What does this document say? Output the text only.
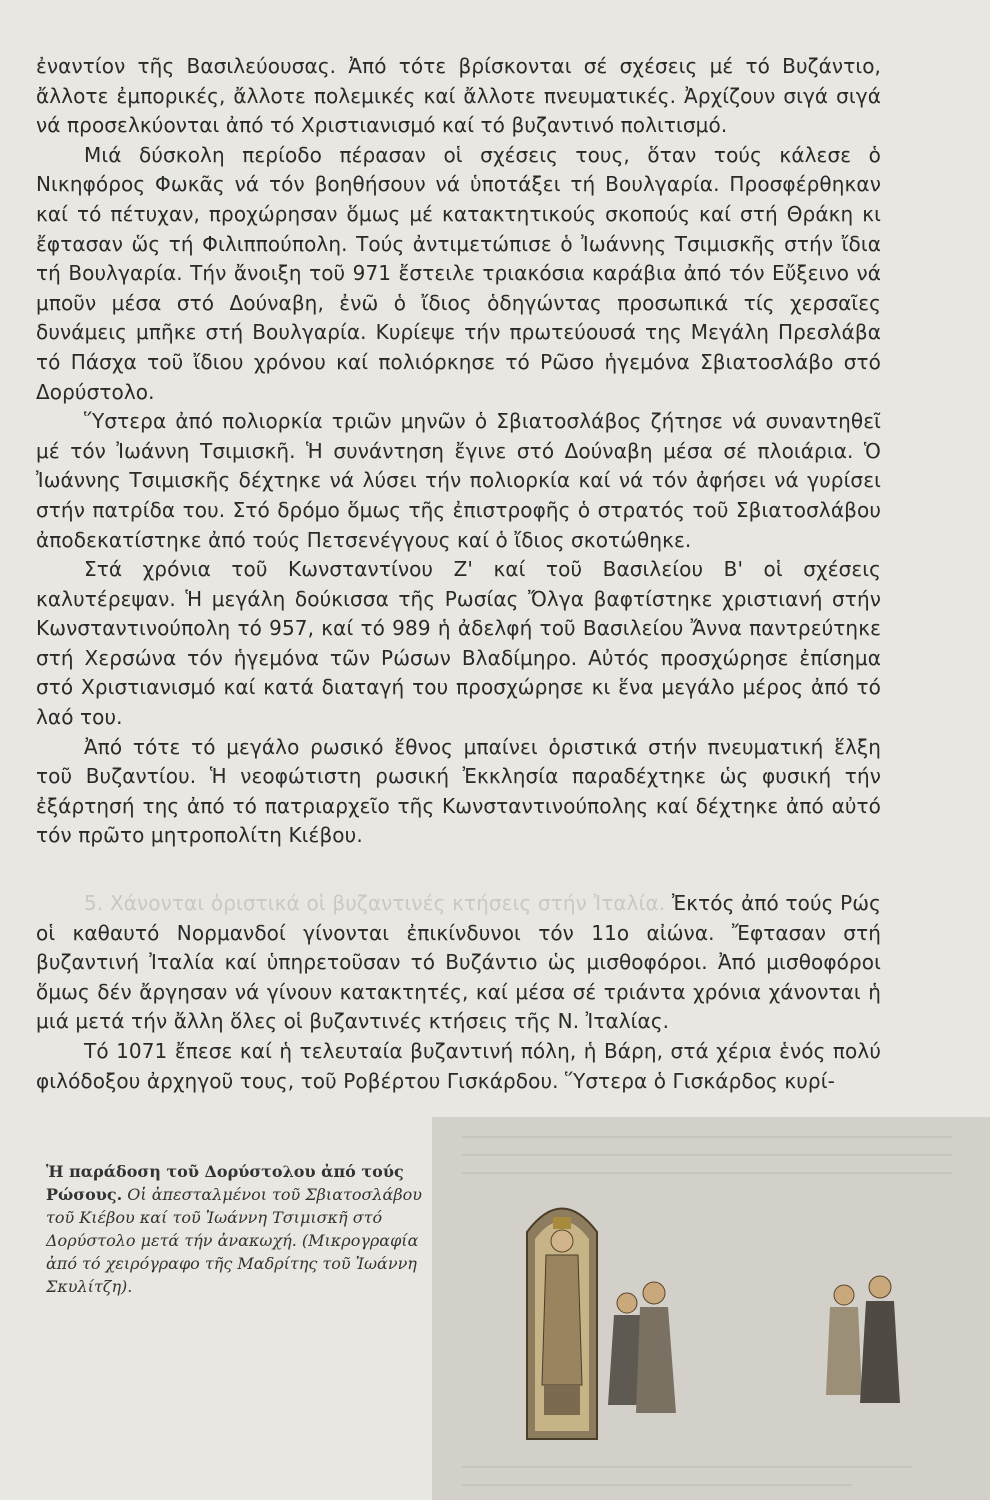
ἐναντίον τῆς Βασιλεύουσας. Ἀπό τότε βρίσκονται σέ σχέσεις μέ τό Βυζάντιο, ἄλλοτε ἐμπορικές, ἄλλοτε πολεμικές καί ἄλλοτε πνευματικές. Ἀρχίζουν σιγά σιγά νά προσελκύονται ἀπό τό Χριστιανισμό καί τό βυζαντινό πολιτισμό.

Μιά δύσκολη περίοδο πέρασαν οἱ σχέσεις τους, ὅταν τούς κάλεσε ὁ Νικηφόρος Φωκᾶς νά τόν βοηθήσουν νά ὑποτάξει τή Βουλγαρία. Προσφέρθηκαν καί τό πέτυχαν, προχώρησαν ὅμως μέ κατακτητικούς σκοπούς καί στή Θράκη κι ἔφτασαν ὥς τή Φιλιππούπολη. Τούς ἀντιμετώπισε ὁ Ἰωάννης Τσιμισκῆς στήν ἴδια τή Βουλγαρία. Τήν ἄνοιξη τοῦ 971 ἔστειλε τριακόσια καράβια ἀπό τόν Εὔξεινο νά μποῦν μέσα στό Δούναβη, ἐνῶ ὁ ἴδιος ὁδηγώντας προσωπικά τίς χερσαῖες δυνάμεις μπῆκε στή Βουλγαρία. Κυρίεψε τήν πρωτεύουσά της Μεγάλη Πρεσλάβα τό Πάσχα τοῦ ἴδιου χρόνου καί πολιόρκησε τό Ρῶσο ἡγεμόνα Σβιατοσλάβο στό Δορύστολο.

Ὕστερα ἀπό πολιορκία τριῶν μηνῶν ὁ Σβιατοσλάβος ζήτησε νά συναντηθεῖ μέ τόν Ἰωάννη Τσιμισκῆ. Ἡ συνάντηση ἔγινε στό Δούναβη μέσα σέ πλοιάρια. Ὁ Ἰωάννης Τσιμισκῆς δέχτηκε νά λύσει τήν πολιορκία καί νά τόν ἀφήσει νά γυρίσει στήν πατρίδα του. Στό δρόμο ὅμως τῆς ἐπιστροφῆς ὁ στρατός τοῦ Σβιατοσλάβου ἀποδεκατίστηκε ἀπό τούς Πετσενέγγους καί ὁ ἴδιος σκοτώθηκε.

Στά χρόνια τοῦ Κωνσταντίνου Ζ' καί τοῦ Βασιλείου Β' οἱ σχέσεις καλυτέρεψαν. Ἡ μεγάλη δούκισσα τῆς Ρωσίας Ὄλγα βαφτίστηκε χριστιανή στήν Κωνσταντινούπολη τό 957, καί τό 989 ἡ ἀδελφή τοῦ Βασιλείου Ἄννα παντρεύτηκε στή Χερσώνα τόν ἡγεμόνα τῶν Ρώσων Βλαδίμηρο. Αὐτός προσχώρησε ἐπίσημα στό Χριστιανισμό καί κατά διαταγή του προσχώρησε κι ἕνα μεγάλο μέρος ἀπό τό λαό του.

Ἀπό τότε τό μεγάλο ρωσικό ἔθνος μπαίνει ὁριστικά στήν πνευματική ἕλξη τοῦ Βυζαντίου. Ἡ νεοφώτιστη ρωσική Ἐκκλησία παραδέχτηκε ὡς φυσική τήν ἐξάρτησή της ἀπό τό πατριαρχεῖο τῆς Κωνσταντινούπολης καί δέχτηκε ἀπό αὐτό τόν πρῶτο μητροπολίτη Κιέβου.

5. Χάνονται ὁριστικά οἱ βυζαντινές κτήσεις στήν Ἰταλία. Ἐκτός ἀπό τούς Ρώς οἱ καθαυτό Νορμανδοί γίνονται ἐπικίνδυνοι τόν 11ο αἰώνα. Ἔφτασαν στή βυζαντινή Ἰταλία καί ὑπηρετοῦσαν τό Βυζάντιο ὡς μισθοφόροι. Ἀπό μισθοφόροι ὅμως δέν ἄργησαν νά γίνουν κατακτητές, καί μέσα σέ τριάντα χρόνια χάνονται ἡ μιά μετά τήν ἄλλη ὅλες οἱ βυζαντινές κτήσεις τῆς Ν. Ἰταλίας.

Τό 1071 ἔπεσε καί ἡ τελευταία βυζαντινή πόλη, ἡ Βάρη, στά χέρια ἑνός πολύ φιλόδοξου ἀρχηγοῦ τους, τοῦ Ροβέρτου Γισκάρδου. Ὕστερα ὁ Γισκάρδος κυρί-

Ἡ παράδοση τοῦ Δορύστολου ἀπό τούς Ρώσους. Οἱ ἀπεσταλμένοι τοῦ Σβιατοσλάβου τοῦ Κιέβου καί τοῦ Ἰωάννη Τσιμισκῆ στό Δορύστολο μετά τήν ἀνακωχή. (Μικρογραφία ἀπό τό χειρόγραφο τῆς Μαδρίτης τοῦ Ἰωάννη Σκυλίτζη).
